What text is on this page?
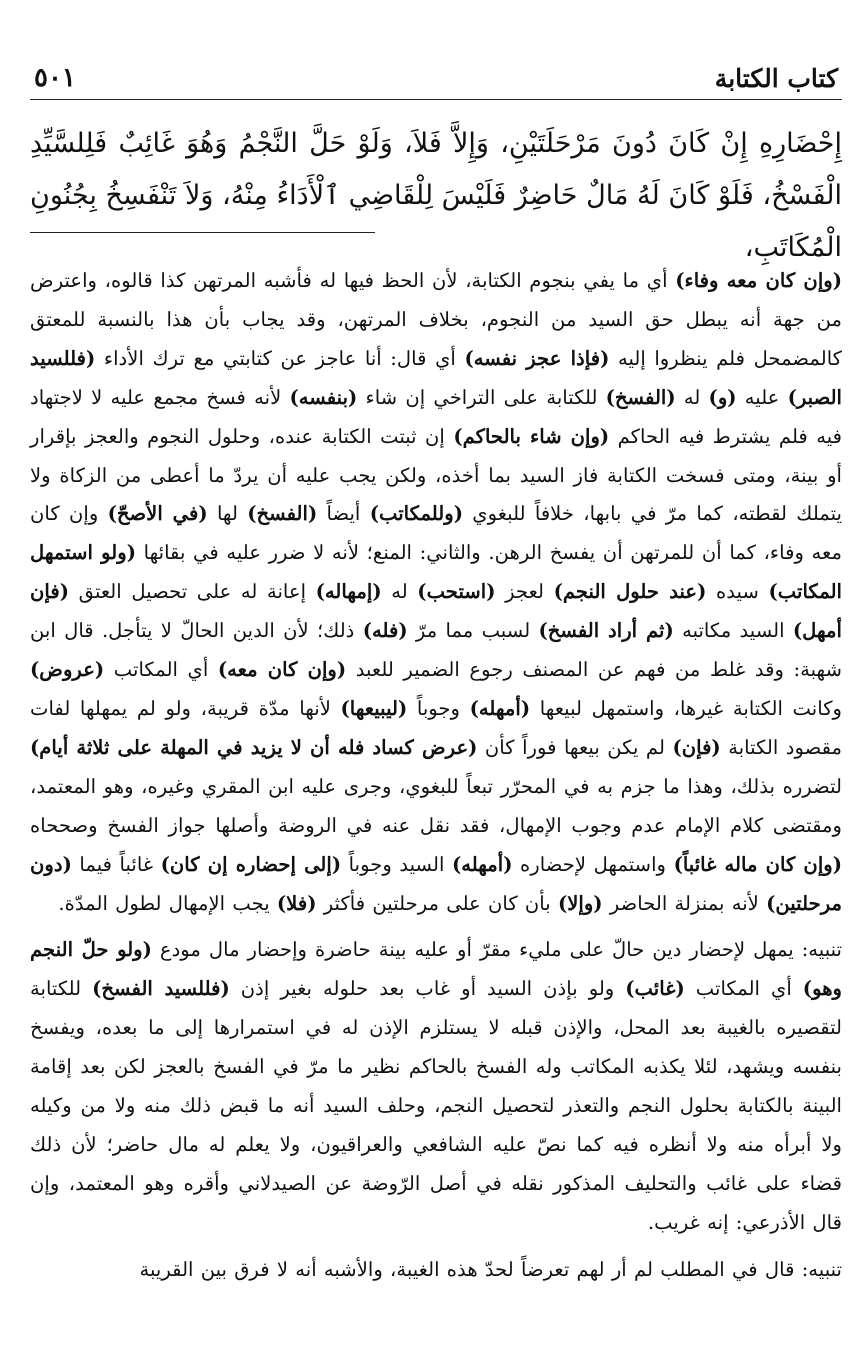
كتاب الكتابة
٥٠١
إِحْضَارِهِ إِنْ كَانَ دُونَ مَرْحَلَتَيْنِ، وَإِلاَّ فَلاَ، وَلَوْ حَلَّ النَّجْمُ وَهُوَ غَائِبٌ فَلِلسَّيِّدِ الْفَسْخُ، فَلَوْ كَانَ لَهُ مَالٌ حَاضِرٌ فَلَيْسَ لِلْقَاضِي ٱلْأَدَاءُ مِنْهُ، وَلاَ تَنْفَسِخُ بِجُنُونِ الْمُكَاتَبِ،

(وإن كان معه وفاء) أي ما يفي بنجوم الكتابة، لأن الحظ فيها له فأشبه المرتهن كذا قالوه، واعترض من جهة أنه يبطل حق السيد من النجوم، بخلاف المرتهن، وقد يجاب بأن هذا بالنسبة للمعتق كالمضمحل فلم ينظروا إليه (فإذا عجز نفسه) أي قال: أنا عاجز عن كتابتي مع ترك الأداء (فللسيد الصبر) عليه (و) له (الفسخ) للكتابة على التراخي إن شاء (بنفسه) لأنه فسخ مجمع عليه لا لاجتهاد فيه فلم يشترط فيه الحاكم (وإن شاء بالحاكم) إن ثبتت الكتابة عنده، وحلول النجوم والعجز بإقرار أو بينة، ومتى فسخت الكتابة فاز السيد بما أخذه، ولكن يجب عليه أن يردّ ما أعطى من الزكاة ولا يتملك لقطته، كما مرّ في بابها، خلافاً للبغوي (وللمكاتب) أيضاً (الفسخ) لها (في الأصحّ) وإن كان معه وفاء، كما أن للمرتهن أن يفسخ الرهن. والثاني: المنع؛ لأنه لا ضرر عليه في بقائها (ولو استمهل المكاتب) سيده (عند حلول النجم) لعجز (استحب) له (إمهاله) إعانة له على تحصيل العتق (فإن أمهل) السيد مكاتبه (ثم أراد الفسخ) لسبب مما مرّ (فله) ذلك؛ لأن الدين الحالّ لا يتأجل. قال ابن شهبة: وقد غلط من فهم عن المصنف رجوع الضمير للعبد (وإن كان معه) أي المكاتب (عروض) وكانت الكتابة غيرها، واستمهل لبيعها (أمهله) وجوباً (ليبيعها) لأنها مدّة قريبة، ولو لم يمهلها لفات مقصود الكتابة (فإن) لم يكن بيعها فوراً كأن (عرض كساد فله أن لا يزيد في المهلة على ثلاثة أيام) لتضرره بذلك، وهذا ما جزم به في المحرّر تبعاً للبغوي، وجرى عليه ابن المقري وغيره، وهو المعتمد، ومقتضى كلام الإمام عدم وجوب الإمهال، فقد نقل عنه في الروضة وأصلها جواز الفسخ وصححاه (وإن كان ماله غائباً) واستمهل لإحضاره (أمهله) السيد وجوباً (إلى إحضاره إن كان) غائباً فيما (دون مرحلتين) لأنه بمنزلة الحاضر (وإلا) بأن كان على مرحلتين فأكثر (فلا) يجب الإمهال لطول المدّة.

تنبيه: يمهل لإحضار دين حالّ على مليء مقرّ أو عليه بينة حاضرة وإحضار مال مودع (ولو حلّ النجم وهو) أي المكاتب (غائب) ولو بإذن السيد أو غاب بعد حلوله بغير إذن (فللسيد الفسخ) للكتابة لتقصيره بالغيبة بعد المحل، والإذن قبله لا يستلزم الإذن له في استمرارها إلى ما بعده، ويفسخ بنفسه ويشهد، لئلا يكذبه المكاتب وله الفسخ بالحاكم نظير ما مرّ في الفسخ بالعجز لكن بعد إقامة البينة بالكتابة بحلول النجم والتعذر لتحصيل النجم، وحلف السيد أنه ما قبض ذلك منه ولا من وكيله ولا أبرأه منه ولا أنظره فيه كما نصّ عليه الشافعي والعراقيون، ولا يعلم له مال حاضر؛ لأن ذلك قضاء على غائب والتحليف المذكور نقله في أصل الرّوضة عن الصيدلاني وأقره وهو المعتمد، وإن قال الأذرعي: إنه غريب.

تنبيه: قال في المطلب لم أر لهم تعرضاً لحدّ هذه الغيبة، والأشبه أنه لا فرق بين القريبة
